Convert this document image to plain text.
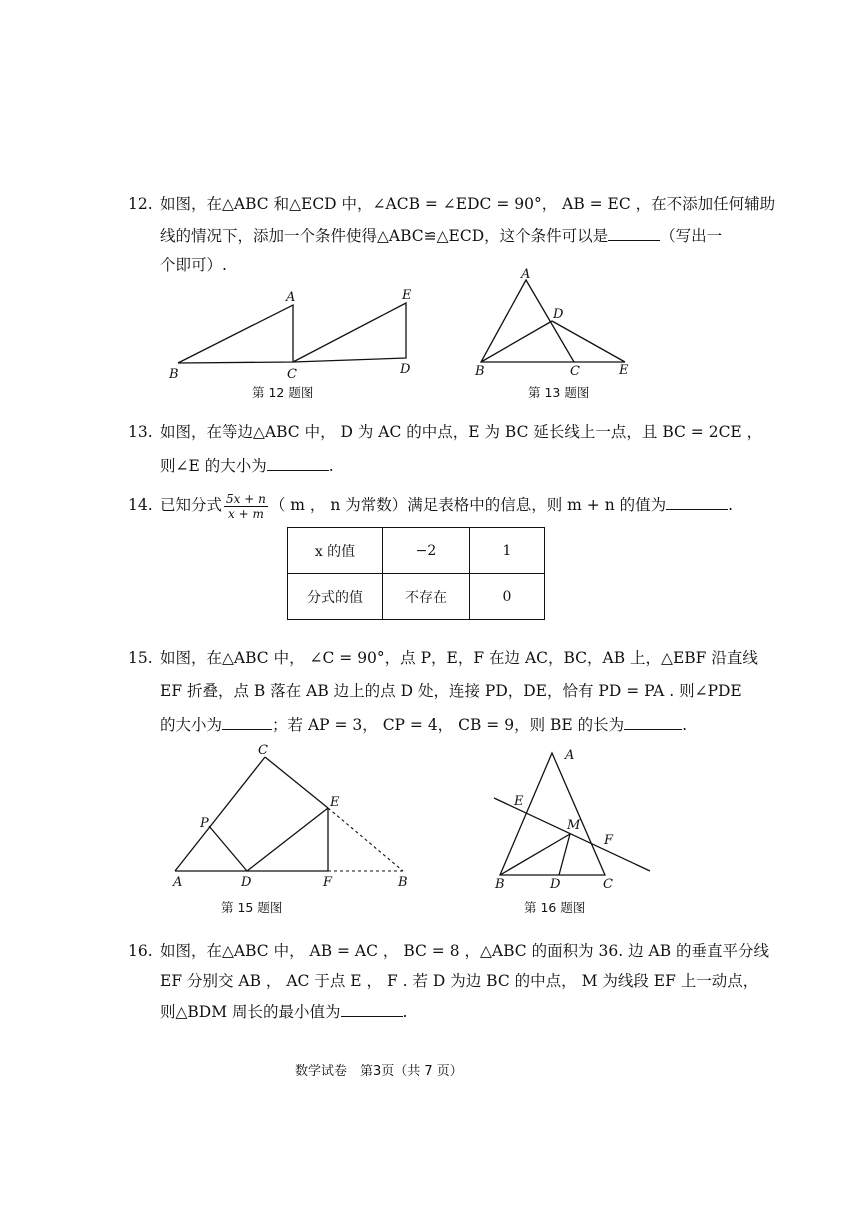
12. 如图，在△ABC 和△ECD 中，∠ACB = ∠EDC = 90°， AB = EC ，在不添加任何辅助
线的情况下，添加一个条件使得△ABC≌△ECD，这个条件可以是	（写出一
个即可）.
A
B	C	D
E
第 12 题图
A
B	C
D
E
第 13 题图
13. 如图，在等边△ABC 中， D 为 AC 的中点，E 为 BC 延长线上一点，且 BC = 2CE ，
则∠E 的大小为	.
14. 已知分式 $\frac{5x + n}{x + m}$ （ m ， n 为常数）满足表格中的信息，则 m + n 的值为	.
x 的值	−2	1
分式的值	不存在	0
15. 如图，在△ABC 中， ∠C = 90°，点 P，E，F 在边 AC，BC，AB 上，△EBF 沿直线
EF 折叠，点 B 落在 AB 边上的点 D 处，连接 PD，DE，恰有 PD = PA . 则∠PDE
的大小为	；若 AP = 3， CP = 4， CB = 9，则 BE 的长为	.
A	B
C
D
E
F
P
第 15 题图
A
B	C
D
E
F
M
第 16 题图
16. 如图，在△ABC 中， AB = AC ， BC = 8 ，△ABC 的面积为 36. 边 AB 的垂直平分线
EF 分别交 AB ， AC 于点 E ， F . 若 D 为边 BC 的中点， M 为线段 EF 上一动点，
则△BDM 周长的最小值为	.
数学试卷　第3页（共 7 页）
